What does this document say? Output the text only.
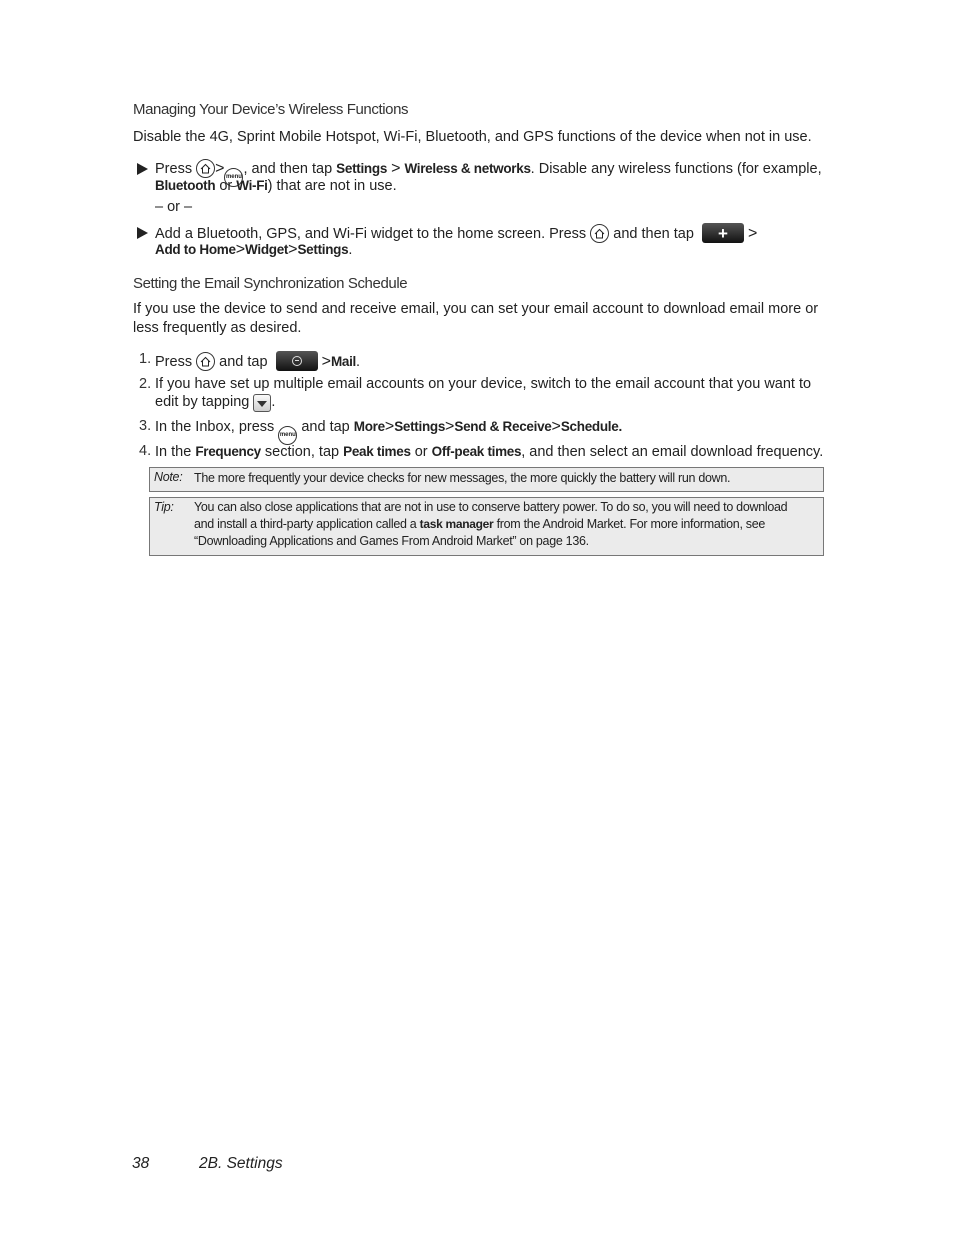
Managing Your Device’s Wireless Functions
Disable the 4G, Sprint Mobile Hotspot, Wi-Fi, Bluetooth, and GPS functions of the device when not in use.
Press >menu , and then tap Settings > Wireless & networks. Disable any wireless functions (for example,
Bluetooth or Wi-Fi) that are not in use.
– or –
Add a Bluetooth, GPS, and Wi-Fi widget to the home screen. Press and then tap	+	>
Add to Home>Widget>Settings.
Setting the Email Synchronization Schedule
If you use the device to send and receive email, you can set your email account to download email more or
less frequently as desired.
1. Press and tap	>Mail.
2. If you have set up multiple email accounts on your device, switch to the email account that you want to
edit by tapping .
3. In the Inbox, press menu and tap More>Settings>Send & Receive>Schedule.
4. In the Frequency section, tap Peak times or Off-peak times, and then select an email download frequency.
Note: The more frequently your device checks for new messages, the more quickly the battery will run down.
Tip: You can also close applications that are not in use to conserve battery power. To do so, you will need to download
and install a third-party application called a task manager from the Android Market. For more information, see
“Downloading Applications and Games From Android Market” on page 136.
38	2B. Settings
